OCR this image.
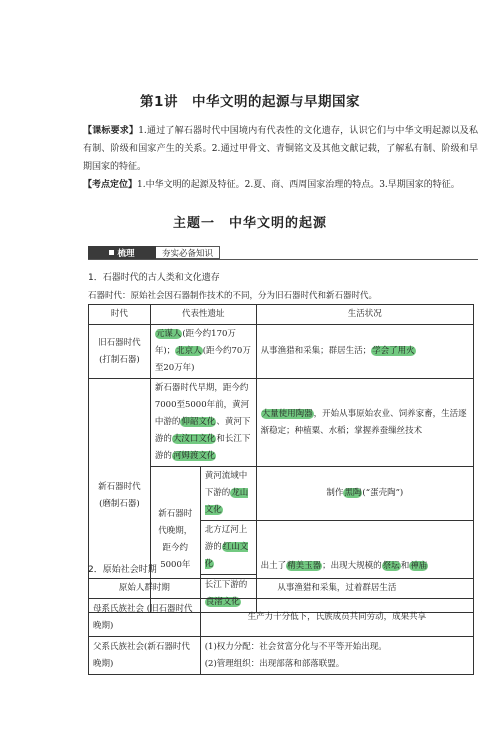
第1讲　中华文明的起源与早期国家
【课标要求】1.通过了解石器时代中国境内有代表性的文化遗存，认识它们与中华文明起源以及私有制、阶级和国家产生的关系。2.通过甲骨文、青铜铭文及其他文献记载，了解私有制、阶级和早期国家的特征。
【考点定位】1.中华文明的起源及特征。2.夏、商、西周国家治理的特点。3.早期国家的特征。
主题一　中华文明的起源
梳理	夯实必备知识
1．石器时代的古人类和文化遗存
石器时代：原始社会因石器制作技术的不同，分为旧石器时代和新石器时代。
时代	代表性遗址		生活状况
旧石器时代(打制石器)	元谋人(距今约170万年)；北京人(距今约70万至20万年)		从事渔猎和采集；群居生活；学会了用火
新石器时代(磨制石器)	新石器时代早期，距今约7000至5000年前，黄河中游的仰韶文化、黄河下游的大汶口文化和长江下游的河姆渡文化		大量使用陶器，开始从事原始农业、饲养家畜，生活逐渐稳定；种植粟、水稻；掌握养蚕缫丝技术
	新石器时代晚期，距今约5000年	黄河流域中下游的龙山文化	制作黑陶(“蛋壳陶”)
		北方辽河上游的红山文化	出土了精美玉器；出现大规模的祭坛和神庙
		长江下游的良渚文化	
2．原始社会时期
原始人群时期	从事渔猎和采集，过着群居生活
母系氏族社会 (旧石器时代晚期)	生产力十分低下，氏族成员共同劳动，成果共享
父系氏族社会(新石器时代晚期)	(1)权力分配：社会贫富分化与不平等开始出现。
(2)管理组织：出现部落和部落联盟。
